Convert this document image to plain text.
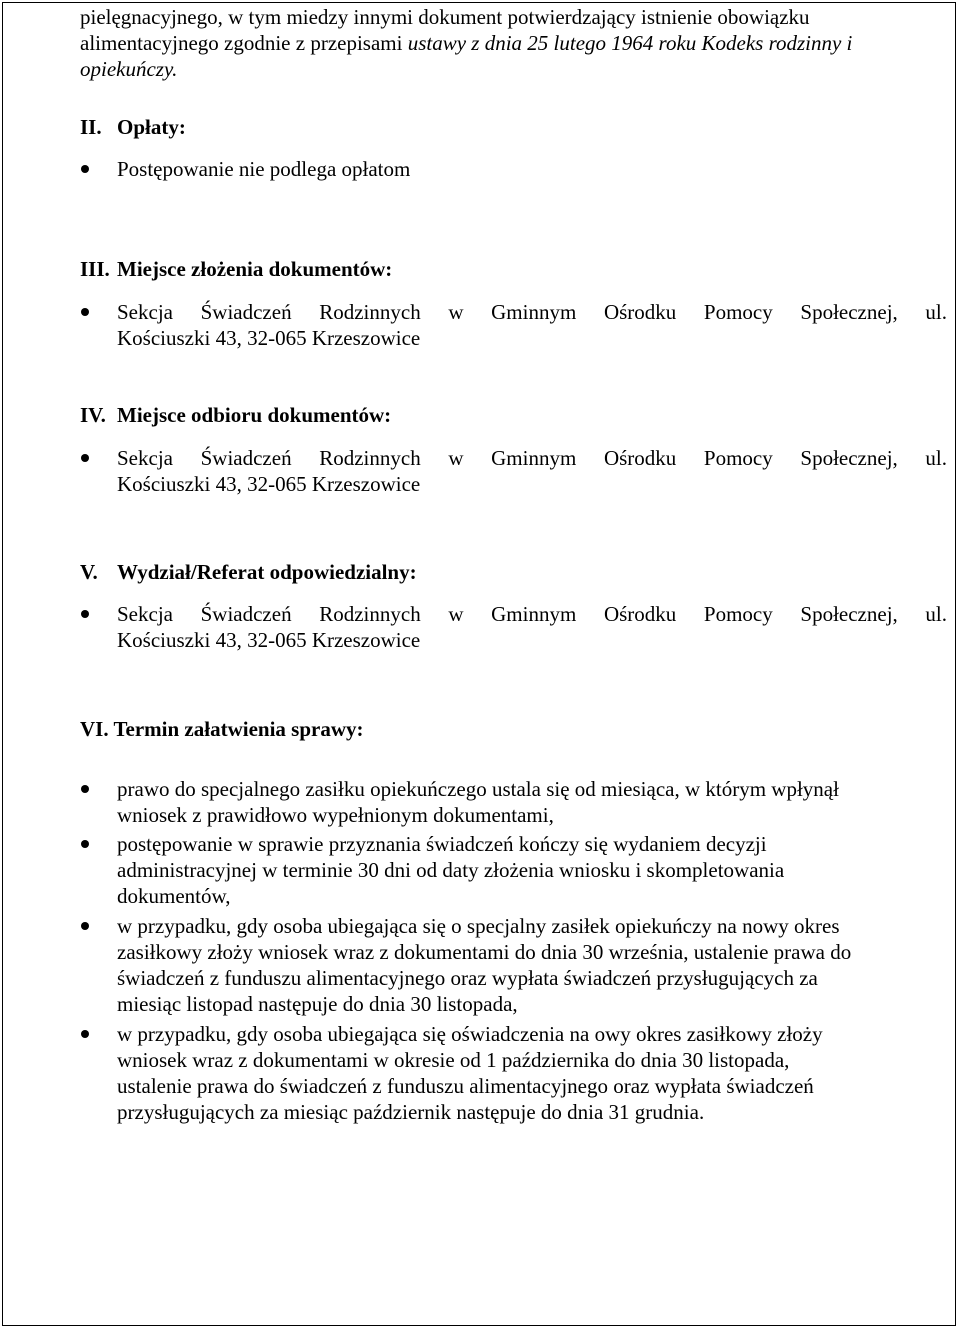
pielęgnacyjnego, w tym miedzy innymi dokument potwierdzający istnienie obowiązku
alimentacyjnego zgodnie z przepisami ustawy z dnia 25 lutego 1964 roku Kodeks rodzinny i
opiekuńczy.
II. Opłaty:
Postępowanie nie podlega opłatom
III. Miejsce złożenia dokumentów:
Sekcja Świadczeń Rodzinnych w Gminnym Ośrodku Pomocy Społecznej, ul.
Kościuszki 43, 32-065 Krzeszowice
IV. Miejsce odbioru dokumentów:
Sekcja Świadczeń Rodzinnych w Gminnym Ośrodku Pomocy Społecznej, ul.
Kościuszki 43, 32-065 Krzeszowice
V. Wydział/Referat odpowiedzialny:
Sekcja Świadczeń Rodzinnych w Gminnym Ośrodku Pomocy Społecznej, ul.
Kościuszki 43, 32-065 Krzeszowice
VI. Termin załatwienia sprawy:
prawo do specjalnego zasiłku opiekuńczego ustala się od miesiąca, w którym wpłynął
wniosek z prawidłowo wypełnionym dokumentami,
postępowanie w sprawie przyznania świadczeń kończy się wydaniem decyzji
administracyjnej w terminie 30 dni od daty złożenia wniosku i skompletowania
dokumentów,
w przypadku, gdy osoba ubiegająca się o specjalny zasiłek opiekuńczy na nowy okres
zasiłkowy złoży wniosek wraz z dokumentami do dnia 30 września, ustalenie prawa do
świadczeń z funduszu alimentacyjnego oraz wypłata świadczeń przysługujących za
miesiąc listopad następuje do dnia 30 listopada,
w przypadku, gdy osoba ubiegająca się oświadczenia na owy okres zasiłkowy złoży
wniosek wraz z dokumentami w okresie od 1 października do dnia 30 listopada,
ustalenie prawa do świadczeń z funduszu alimentacyjnego oraz wypłata świadczeń
przysługujących za miesiąc październik następuje do dnia 31 grudnia.
